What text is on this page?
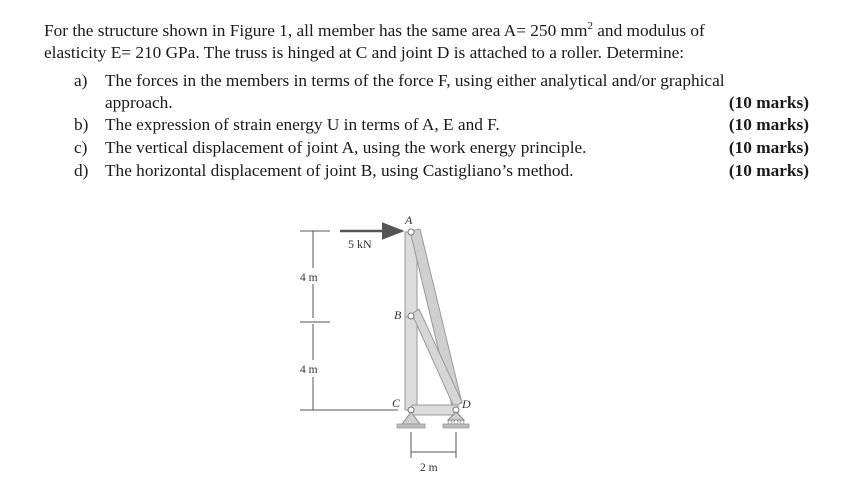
For the structure shown in Figure 1, all member has the same area A= 250 $mm^2$ and modulus of

elasticity E= 210 GPa. The truss is hinged at C and joint D is attached to a roller. Determine:

a) The forces in the members in terms of the force F, using either analytical and/or graphical
approach.	(10 marks)
b) The expression of strain energy U in terms of A, E and F.	(10 marks)
c) The vertical displacement of joint A, using the work energy principle.	(10 marks)
d) The horizontal displacement of joint B, using Castigliano’s method.	(10 marks)
A
B
C	D
5 kN
4 m
4 m
2 m
